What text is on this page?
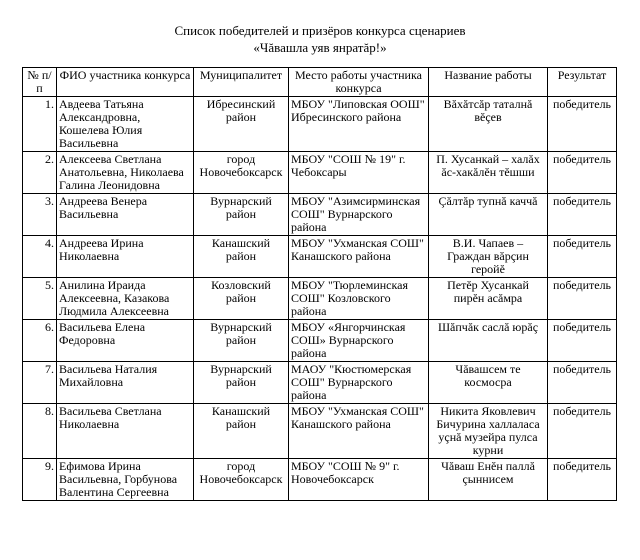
Список победителей и призёров конкурса сценариев
«Чăвашла уяв янратăр!»
№ п/п	ФИО участника конкурса	Муниципалитет	Место работы участника конкурса	Название работы	Результат
1.	Авдеева Татьяна Александровна, Кошелева Юлия Васильевна	Ибресинский район	МБОУ "Липовская ООШ" Ибресинского района	Вăхăтсăр таталнă вĕçев	победитель
2.	Алексеева Светлана Анатольевна, Николаева Галина Леонидовна	город Новочебоксарск	МБОУ "СОШ № 19" г. Чебоксары	П. Хусанкай – халăх ăс-хакăлĕн тĕшши	победитель
3.	Андреева Венера Васильевна	Вурнарский район	МБОУ "Азимсирминская СОШ" Вурнарского района	Çăлтăр тупнă каччă	победитель
4.	Андреева Ирина Николаевна	Канашский район	МБОУ "Ухманская СОШ" Канашского района	В.И. Чапаев – Граждан вăрçин геройĕ	победитель
5.	Анилина Ираида Алексеевна, Казакова Людмила Алексеевна	Козловский район	МБОУ "Тюрлеминская СОШ" Козловского района	Петĕр Хусанкай пирĕн асăмра	победитель
6.	Васильева Елена Федоровна	Вурнарский район	МБОУ «Янгорчинская СОШ» Вурнарского района	Шăпчăк саслă юрăç	победитель
7.	Васильева Наталия Михайловна	Вурнарский район	МАОУ "Кюстюмерская СОШ" Вурнарского района	Чăвашсем те космосра	победитель
8.	Васильева Светлана Николаевна	Канашский район	МБОУ "Ухманская СОШ" Канашского района	Никита Яковлевич Бичурина халлаласа уçнă музейра пулса курни	победитель
9.	Ефимова Ирина Васильевна, Горбунова Валентина Сергеевна	город Новочебоксарск	МБОУ "СОШ № 9" г. Новочебоксарск	Чăваш Енĕн паллă çыннисем	победитель
